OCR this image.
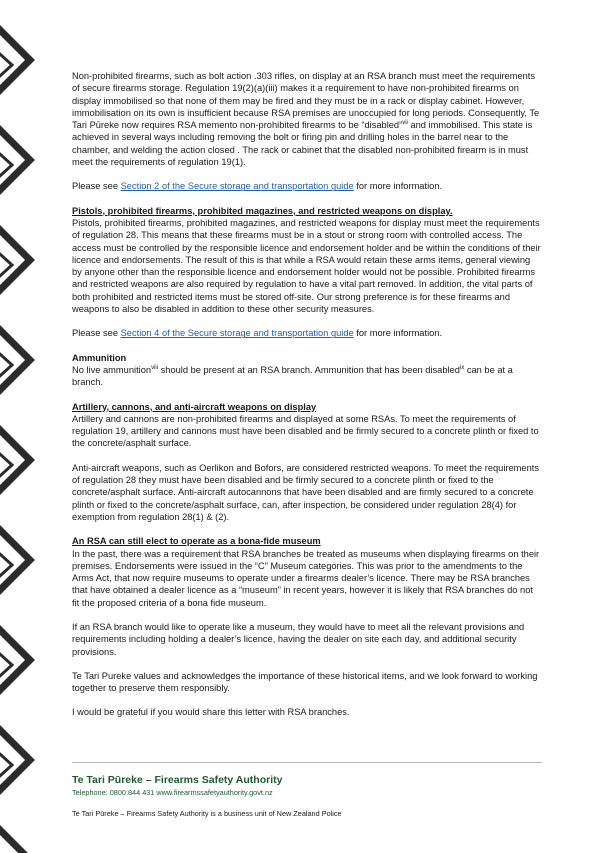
Non-prohibited firearms, such as bolt action .303 rifles, on display at an RSA branch must meet the requirements of secure firearms storage. Regulation 19(2)(a)(iii) makes it a requirement to have non-prohibited firearms on display immobilised so that none of them may be fired and they must be in a rack or display cabinet. However, immobilisation on its own is insufficient because RSA premises are unoccupied for long periods. Consequently, Te Tari Pūreke now requires RSA memento non-prohibited firearms to be “disabled”$^{vii}$ and immobilised. This state is achieved in several ways including removing the bolt or firing pin and drilling holes in the barrel near to the chamber, and welding the action closed . The rack or cabinet that the disabled non-prohibited firearm is in must meet the requirements of regulation 19(1).

Please see Section 2 of the Secure storage and transportation guide for more information.

Pistols, prohibited firearms, prohibited magazines, and restricted weapons on display.

Pistols, prohibited firearms, prohibited magazines, and restricted weapons for display must meet the requirements of regulation 28. This means that these firearms must be in a stout or strong room with controlled access. The access must be controlled by the responsible licence and endorsement holder and be within the conditions of their licence and endorsements. The result of this is that while a RSA would retain these arms items, general viewing by anyone other than the responsible licence and endorsement holder would not be possible. Prohibited firearms and restricted weapons are also required by regulation to have a vital part removed. In addition, the vital parts of both prohibited and restricted items must be stored off-site. Our strong preference is for these firearms and weapons to also be disabled in addition to these other security measures.

Please see Section 4 of the Secure storage and transportation guide for more information.

Ammunition

No live ammunition$^{viii}$ should be present at an RSA branch. Ammunition that has been disabled$^{ix}$ can be at a branch.

Artillery, cannons, and anti-aircraft weapons on display

Artillery and cannons are non-prohibited firearms and displayed at some RSAs. To meet the requirements of regulation 19, artillery and cannons must have been disabled and be firmly secured to a concrete plinth or fixed to the concrete/asphalt surface.

Anti-aircraft weapons, such as Oerlikon and Bofors, are considered restricted weapons. To meet the requirements of regulation 28 they must have been disabled and be firmly secured to a concrete plinth or fixed to the concrete/asphalt surface. Anti-aircraft autocannons that have been disabled and are firmly secured to a concrete plinth or fixed to the concrete/asphalt surface, can, after inspection, be considered under regulation 28(4) for exemption from regulation 28(1) & (2).

An RSA can still elect to operate as a bona-fide museum

In the past, there was a requirement that RSA branches be treated as museums when displaying firearms on their premises. Endorsements were issued in the “C” Museum categories. This was prior to the amendments to the Arms Act, that now require museums to operate under a firearms dealer’s licence. There may be RSA branches that have obtained a dealer licence as a “museum” in recent years, however it is likely that RSA branches do not fit the proposed criteria of a bona fide museum.

If an RSA branch would like to operate like a museum, they would have to meet all the relevant provisions and requirements including holding a dealer’s licence, having the dealer on site each day, and additional security provisions.

Te Tari Pureke values and acknowledges the importance of these historical items, and we look forward to working together to preserve them responsibly.

I would be grateful if you would share this letter with RSA branches.

Te Tari Pūreke – Firearms Safety Authority
Telephone: 0800 844 431 www.firearmssafetyauthority.govt.nz
Te Tari Pūreke – Firearms Safety Authority is a business unit of New Zealand Police
